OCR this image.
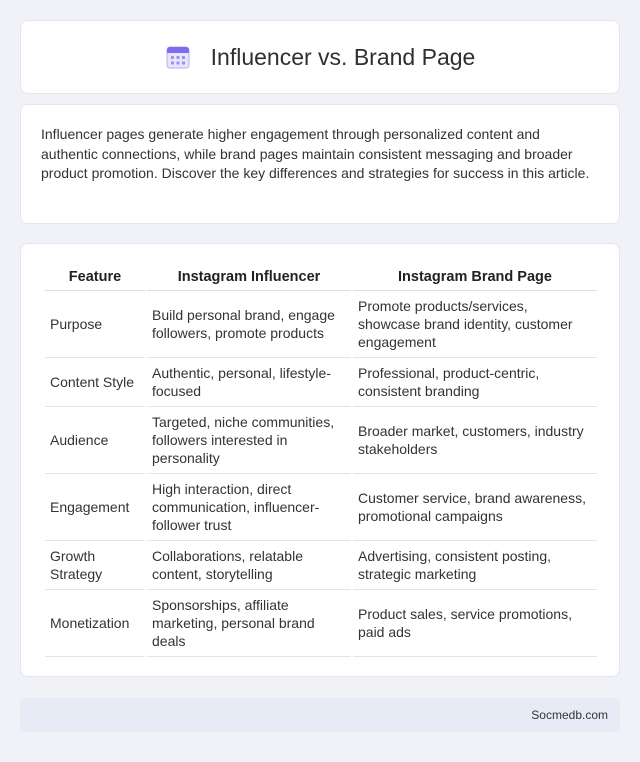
Influencer vs. Brand Page

Influencer pages generate higher engagement through personalized content and authentic connections, while brand pages maintain consistent messaging and broader product promotion. Discover the key differences and strategies for success in this article.

Feature	Instagram Influencer	Instagram Brand Page
Purpose	Build personal brand, engage followers, promote products	Promote products/services, showcase brand identity, customer engagement
Content Style	Authentic, personal, lifestyle-focused	Professional, product-centric, consistent branding
Audience	Targeted, niche communities, followers interested in personality	Broader market, customers, industry stakeholders
Engagement	High interaction, direct communication, influencer-follower trust	Customer service, brand awareness, promotional campaigns
Growth Strategy	Collaborations, relatable content, storytelling	Advertising, consistent posting, strategic marketing
Monetization	Sponsorships, affiliate marketing, personal brand deals	Product sales, service promotions, paid ads
Socmedb.com
